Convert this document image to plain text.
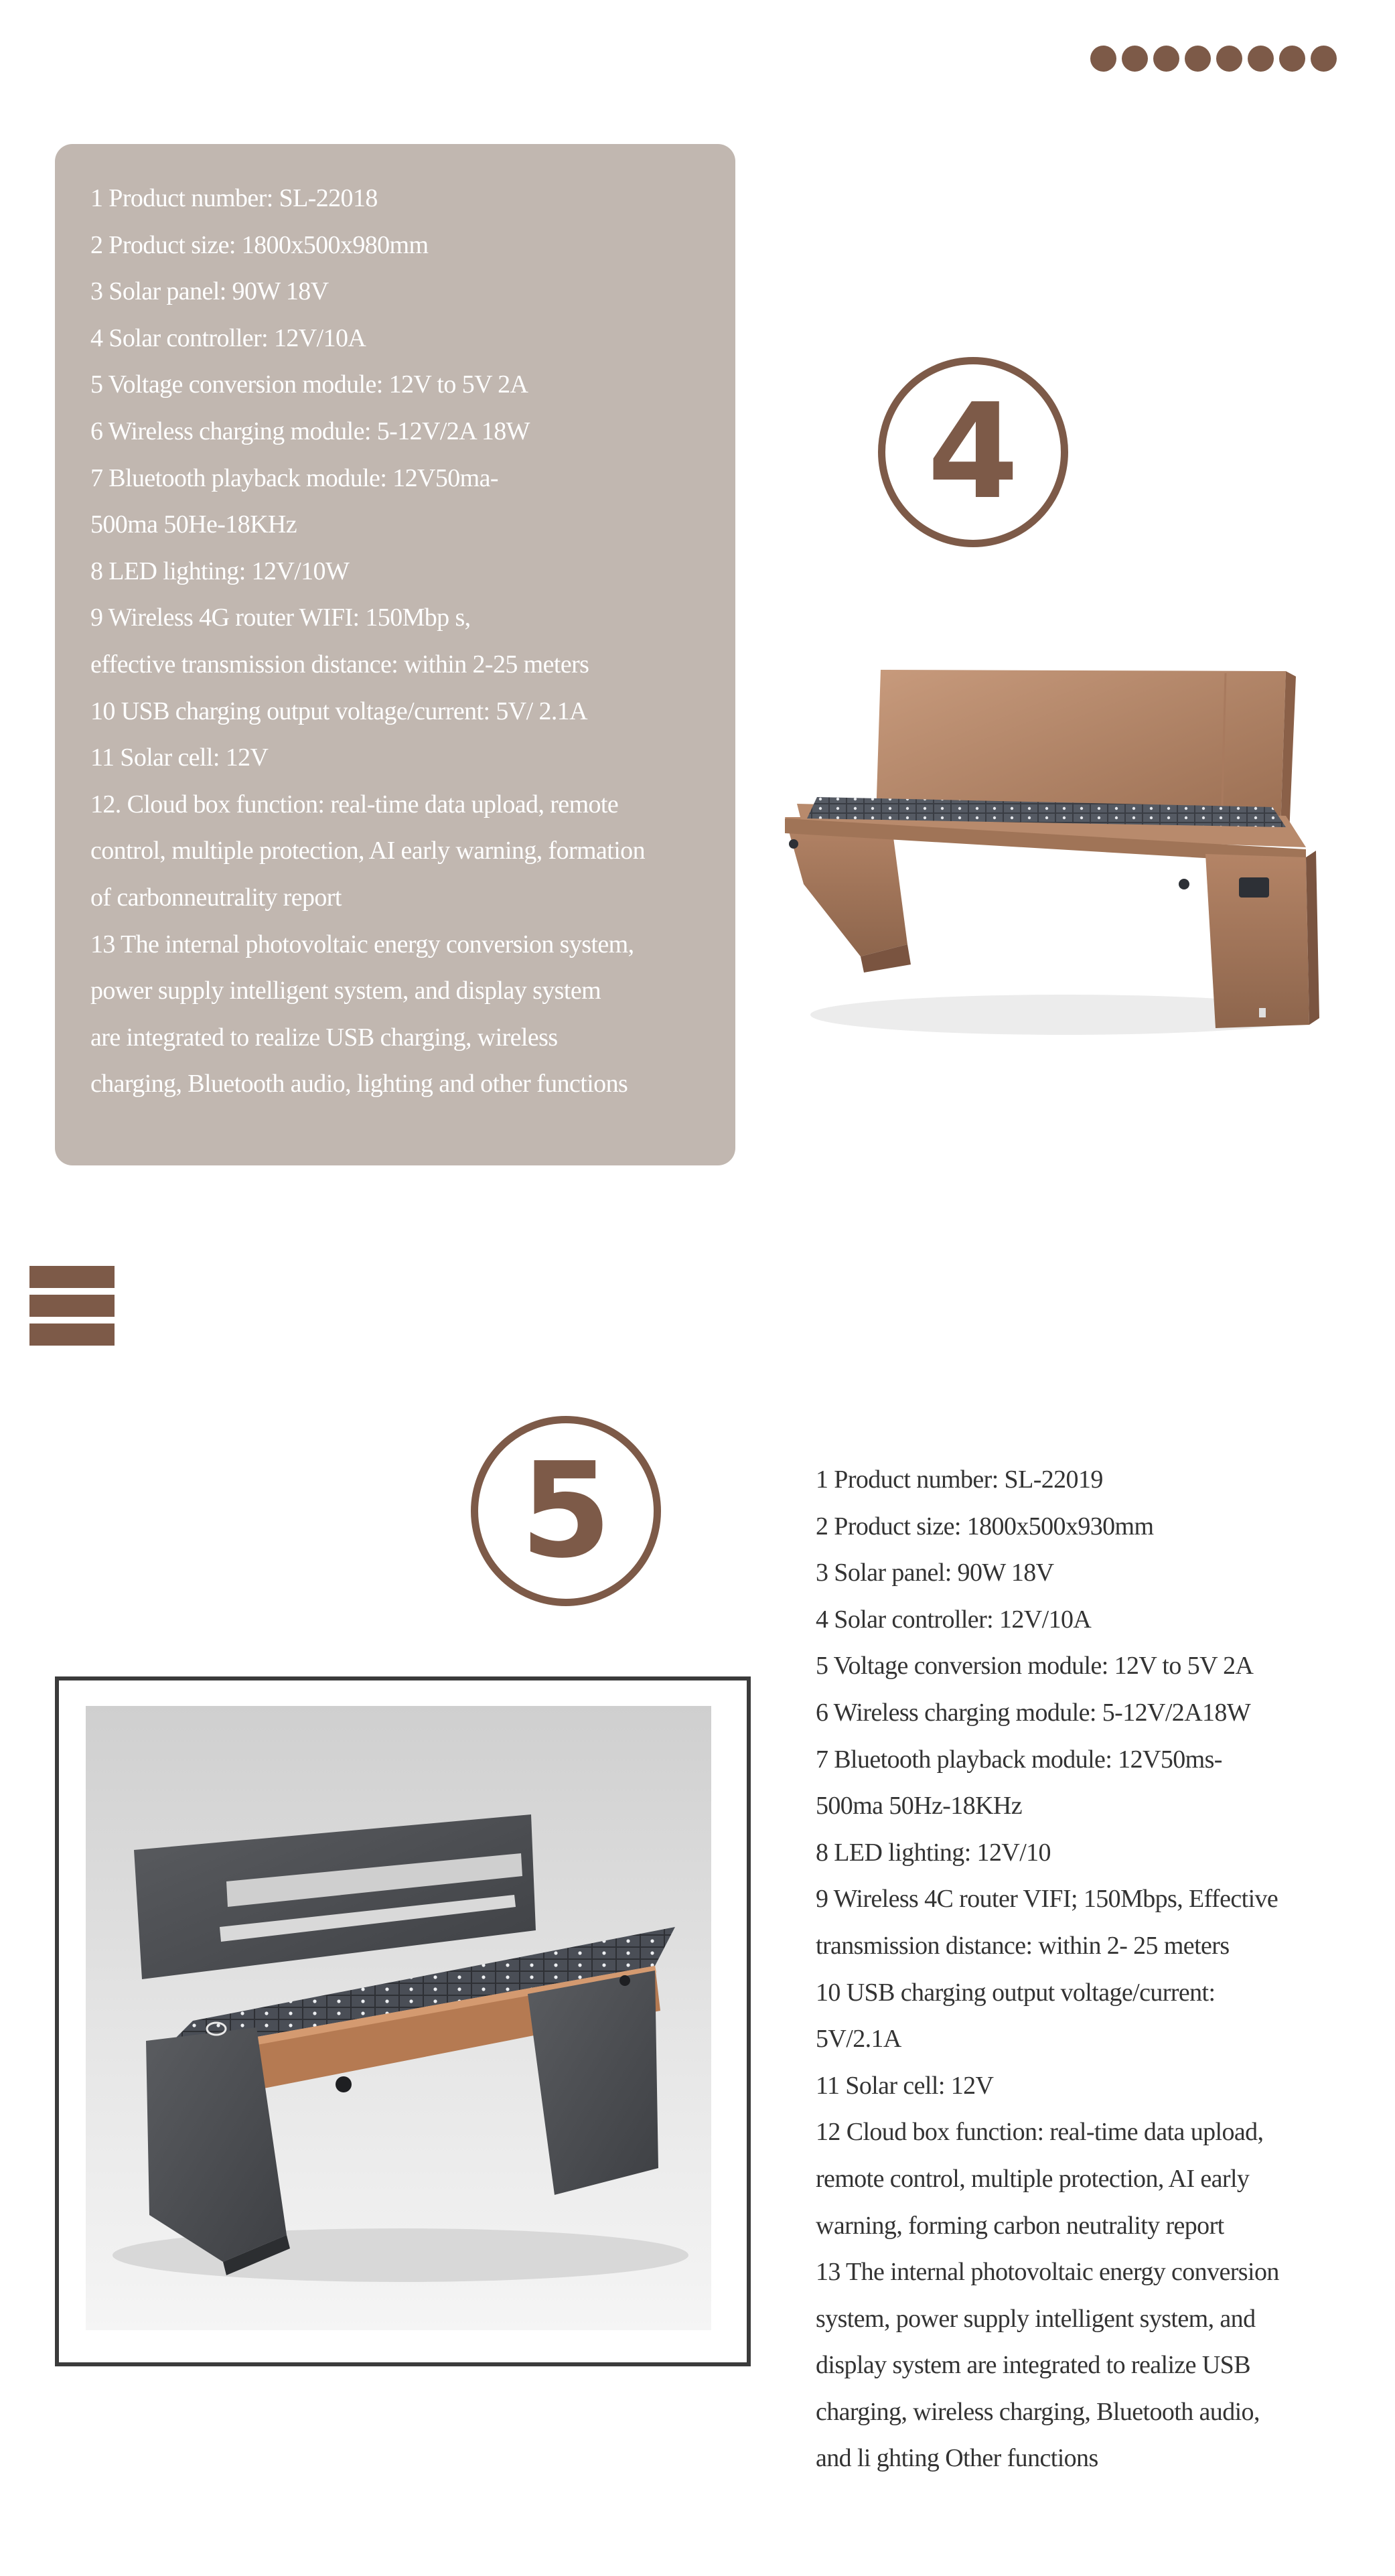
1 Product number: SL-22018
2 Product size: 1800x500x980mm
3 Solar panel: 90W 18V
4 Solar controller: 12V/10A
5 Voltage conversion module: 12V to 5V 2A
6 Wireless charging module: 5-12V/2A 18W
7 Bluetooth playback module: 12V50ma-
500ma 50He-18KHz
8 LED lighting: 12V/10W
9 Wireless 4G router WIFI: 150Mbp s,
effective transmission distance: within 2-25 meters
10 USB charging output voltage/current: 5V/ 2.1A
11 Solar cell: 12V
12. Cloud box function: real-time data upload, remote
control, multiple protection, AI early warning, formation
of carbonneutrality report
13 The internal photovoltaic energy conversion system,
power supply intelligent system, and display system
are integrated to realize USB charging, wireless
charging, Bluetooth audio, lighting and other functions
4
5	1 Product number: SL-22019
2 Product size: 1800x500x930mm
3 Solar panel: 90W 18V
4 Solar controller: 12V/10A
5 Voltage conversion module: 12V to 5V 2A
6 Wireless charging module: 5-12V/2A18W
7 Bluetooth playback module: 12V50ms-
500ma 50Hz-18KHz
8 LED lighting: 12V/10
9 Wireless 4C router VIFI; 150Mbps, Effective
transmission distance: within 2- 25 meters
10 USB charging output voltage/current:
5V/2.1A
11 Solar cell: 12V
12 Cloud box function: real-time data upload,
remote control, multiple protection, AI early
warning, forming carbon neutrality report
13 The internal photovoltaic energy conversion
system, power supply intelligent system, and
display system are integrated to realize USB
charging, wireless charging, Bluetooth audio,
and li ghting Other functions
